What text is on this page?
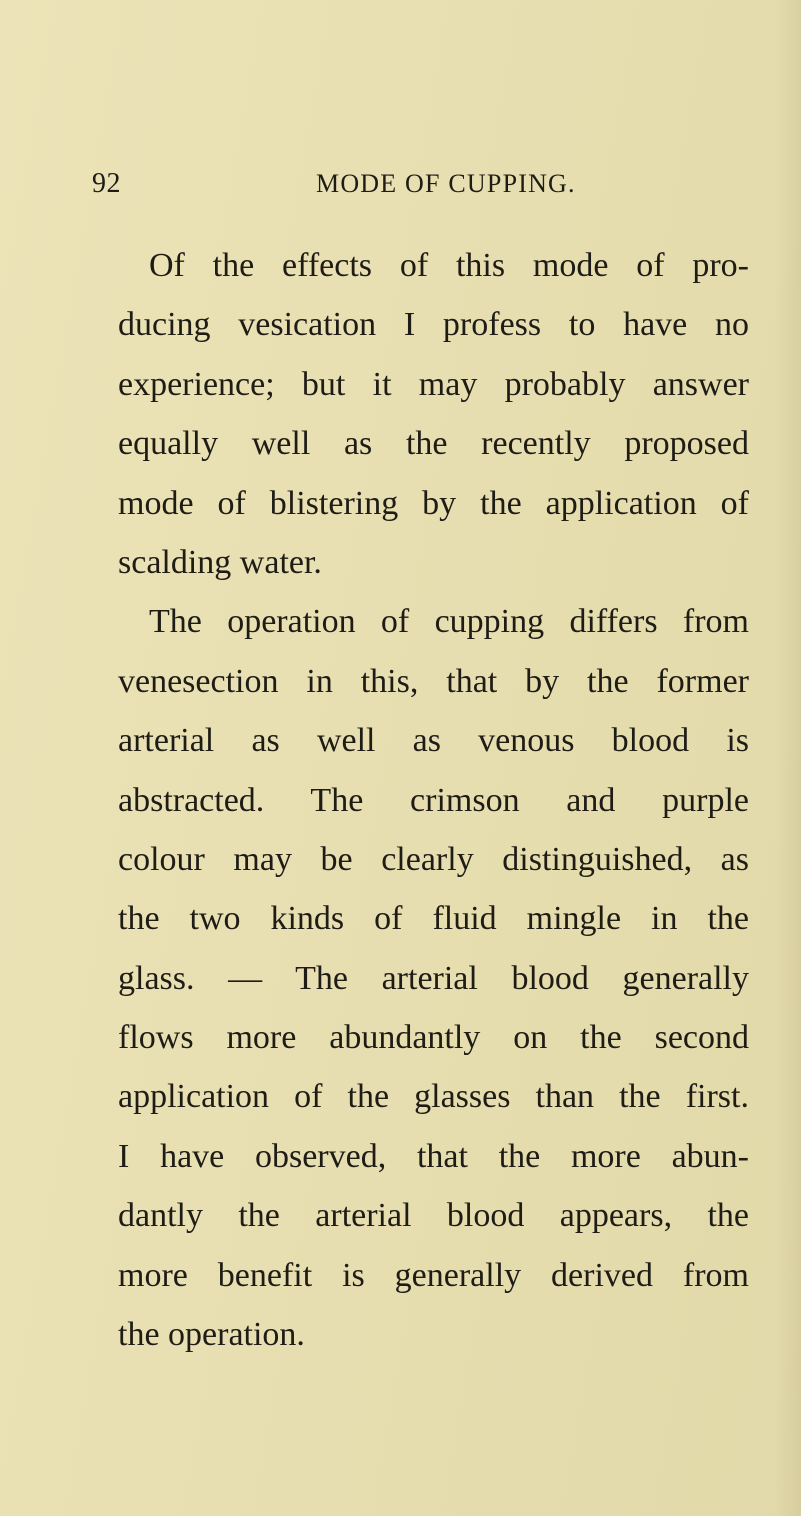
92	MODE OF CUPPING.
Of the effects of this mode of pro-
ducing vesication I profess to have no
experience; but it may probably answer
equally well as the recently proposed
mode of blistering by the application of
scalding water.
The operation of cupping differs from
venesection in this, that by the former
arterial as well as venous blood is
abstracted. The crimson and purple
colour may be clearly distinguished, as
the two kinds of fluid mingle in the
glass. — The arterial blood generally
flows more abundantly on the second
application of the glasses than the first.
I have observed, that the more abun-
dantly the arterial blood appears, the
more benefit is generally derived from
the operation.
